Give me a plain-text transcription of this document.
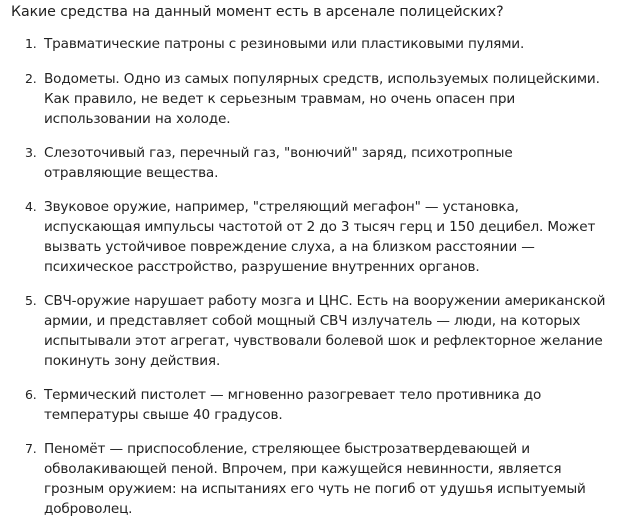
Какие средства на данный момент есть в арсенале полицейских?

1. Травматические патроны с резиновыми или пластиковыми пулями.
2. Водометы. Одно из самых популярных средств, используемых полицейскими. Как правило, не ведет к серьезным травмам, но очень опасен при использовании на холоде.
3. Слезоточивый газ, перечный газ, "вонючий" заряд, психотропные отравляющие вещества.
4. Звуковое оружие, например, "стреляющий мегафон" — установка, испускающая импульсы частотой от 2 до 3 тысяч герц и 150 децибел. Может вызвать устойчивое повреждение слуха, а на близком расстоянии — психическое расстройство, разрушение внутренних органов.
5. СВЧ-оружие нарушает работу мозга и ЦНС. Есть на вооружении американской армии, и представляет собой мощный СВЧ излучатель — люди, на которых испытывали этот агрегат, чувствовали болевой шок и рефлекторное желание покинуть зону действия.
6. Термический пистолет — мгновенно разогревает тело противника до температуры свыше 40 градусов.
7. Пеномёт — приспособление, стреляющее быстрозатвердевающей и обволакивающей пеной. Впрочем, при кажущейся невинности, является грозным оружием: на испытаниях его чуть не погиб от удушья испытуемый доброволец.
